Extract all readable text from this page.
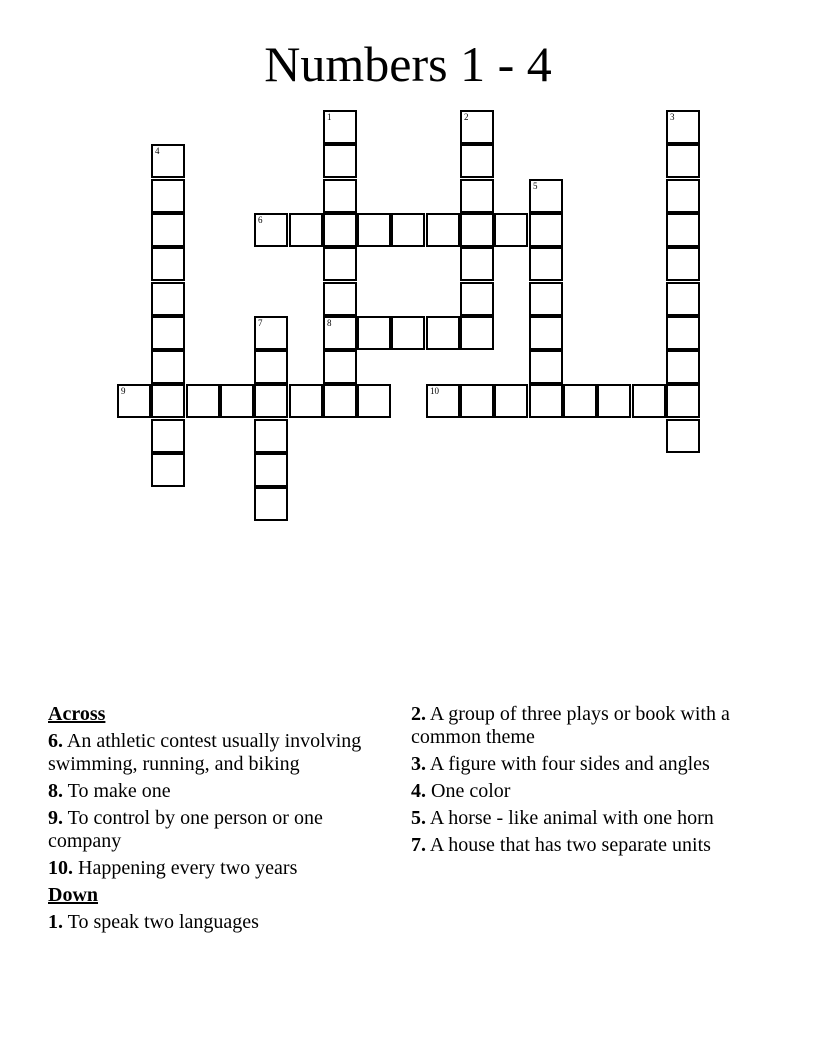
Numbers 1 - 4
1
8
2	3
4
5
6
7
9	10
Across
6. An athletic contest usually involving swimming, running, and biking
8. To make one
9. To control by one person or one company
10. Happening every two years
Down
1. To speak two languages
2. A group of three plays or book with a common theme
3. A figure with four sides and angles
4. One color
5. A horse - like animal with one horn
7. A house that has two separate units
